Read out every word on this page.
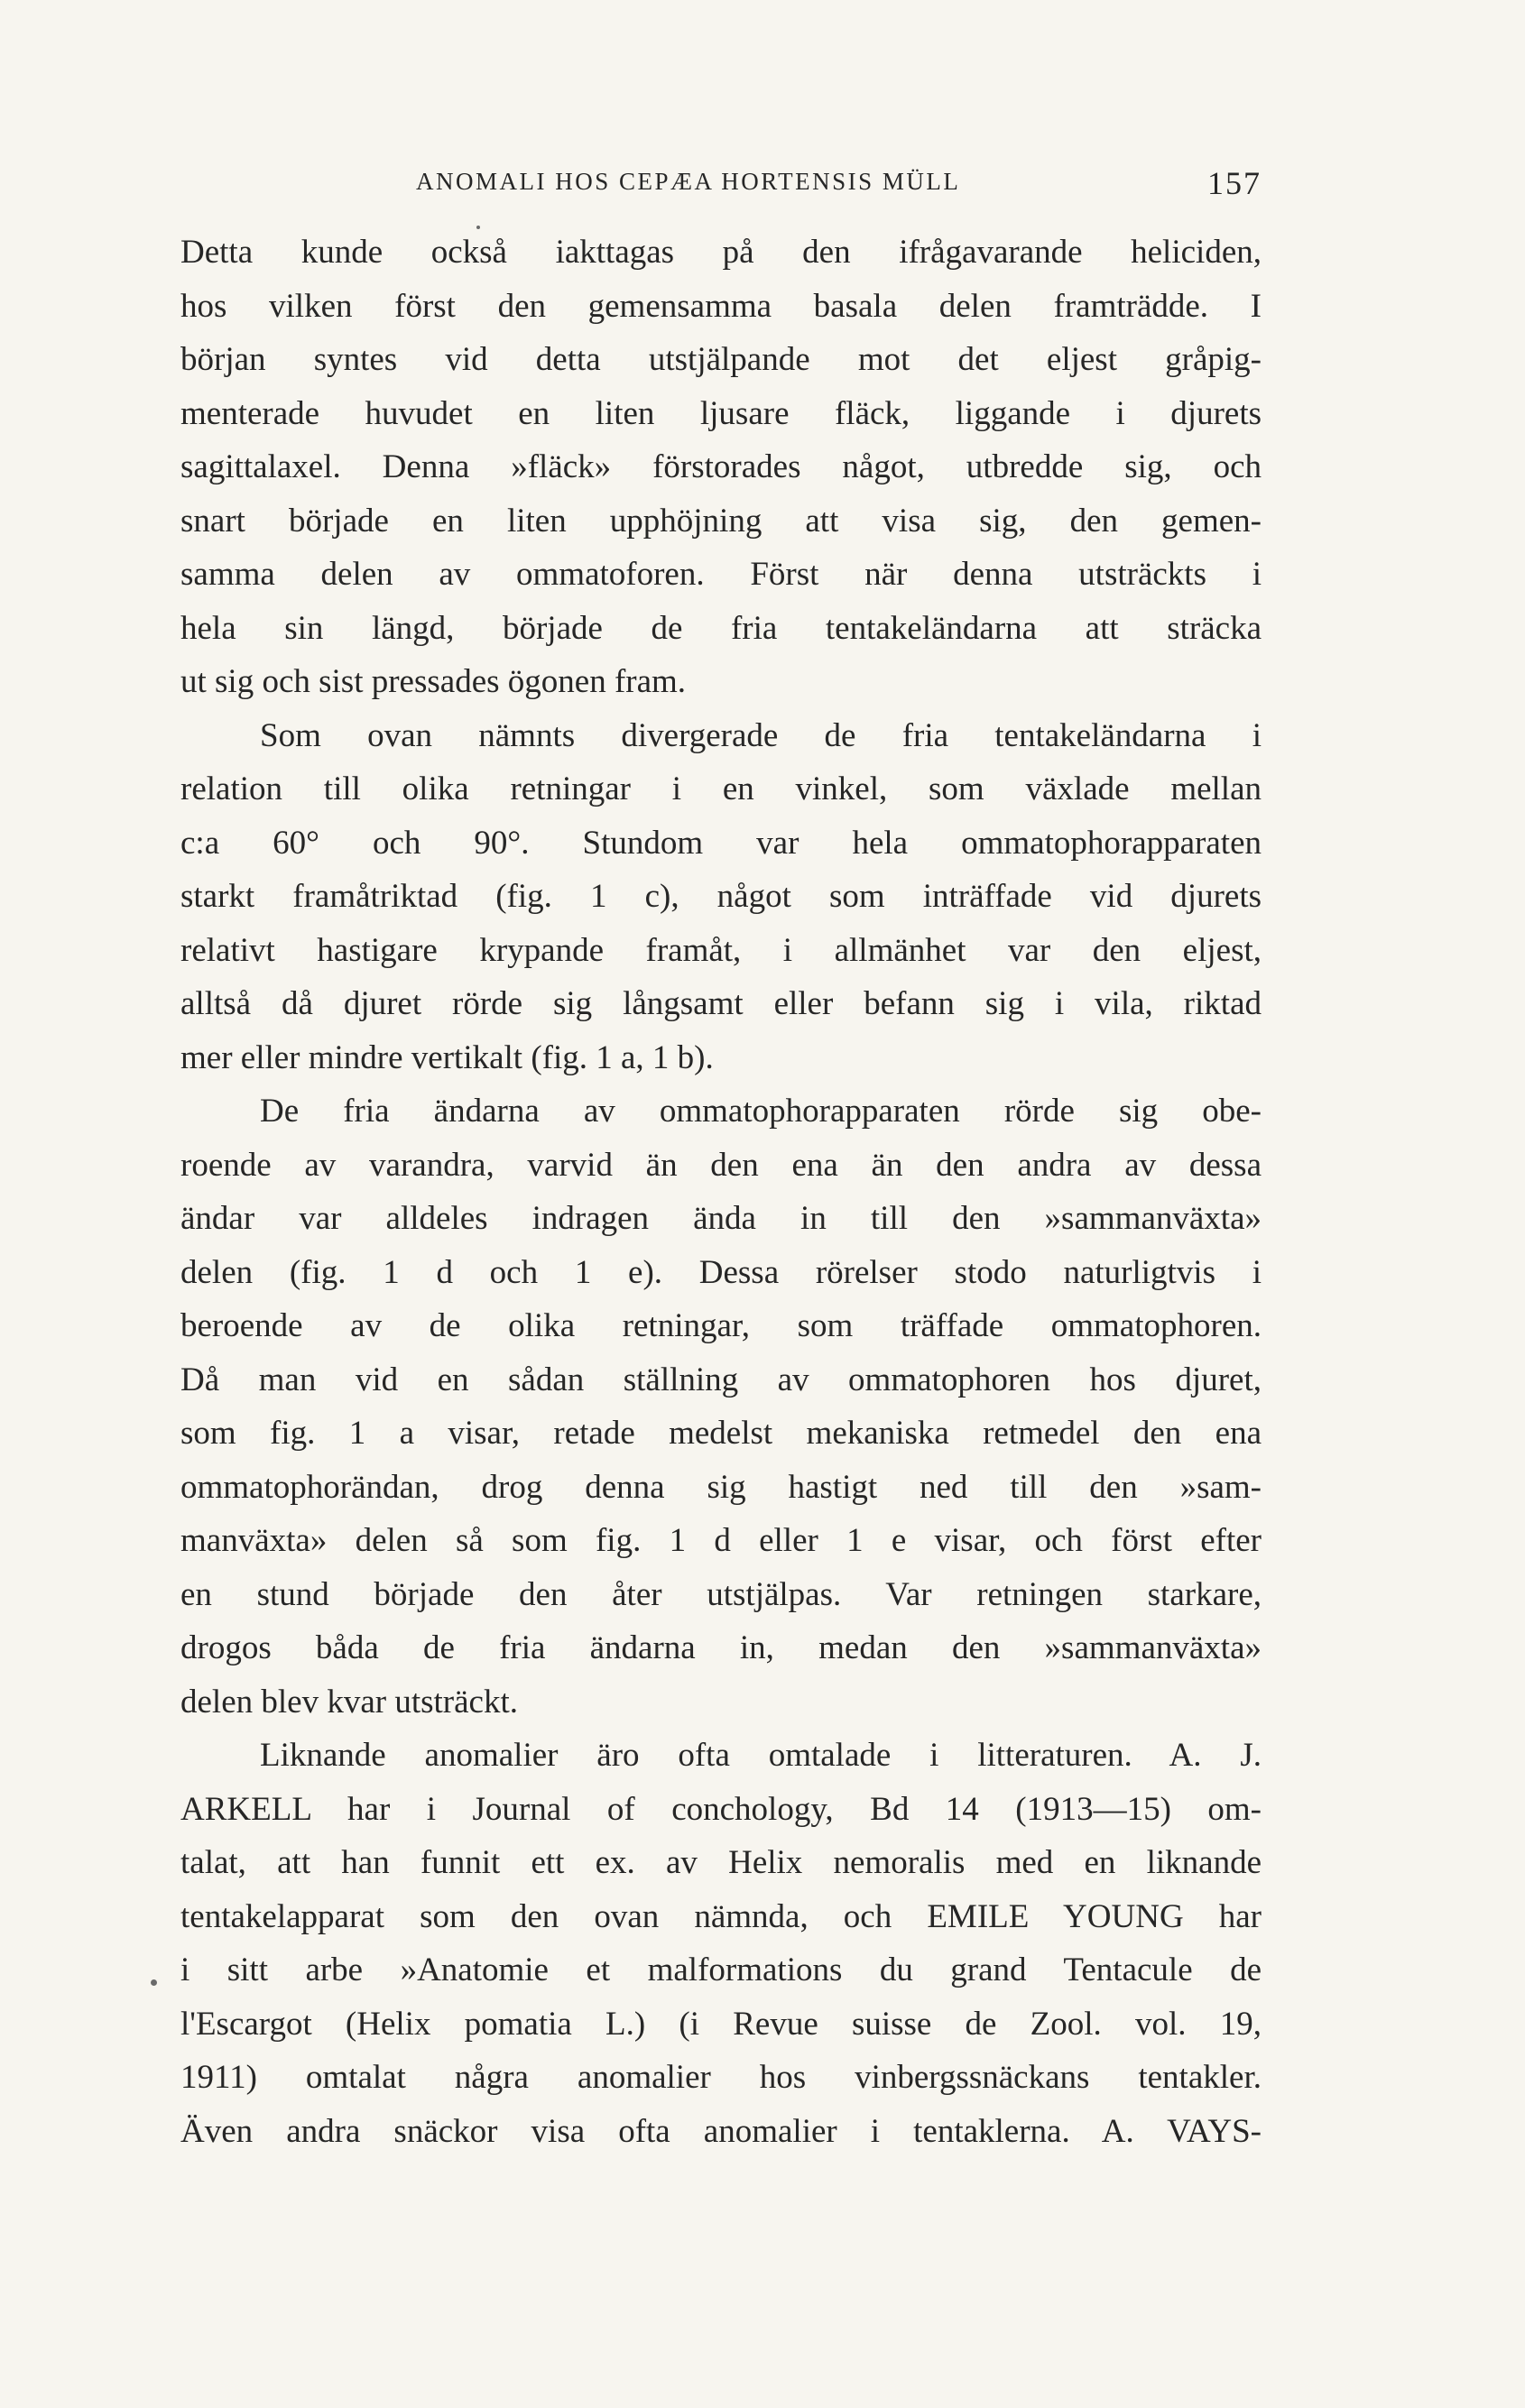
ANOMALI HOS CEPÆA HORTENSIS MÜLL	157
Detta kunde också iakttagas på den ifrågavarande heliciden,
hos vilken först den gemensamma basala delen framträdde. I
början syntes vid detta utstjälpande mot det eljest gråpig-
menterade huvudet en liten ljusare fläck, liggande i djurets
sagittalaxel. Denna »fläck» förstorades något, utbredde sig, och
snart började en liten upphöjning att visa sig, den gemen-
samma delen av ommatoforen. Först när denna utsträckts i
hela sin längd, började de fria tentakeländarna att sträcka
ut sig och sist pressades ögonen fram.
Som ovan nämnts divergerade de fria tentakeländarna i
relation till olika retningar i en vinkel, som växlade mellan
c:a 60° och 90°. Stundom var hela ommatophorapparaten
starkt framåtriktad (fig. 1 c), något som inträffade vid djurets
relativt hastigare krypande framåt, i allmänhet var den eljest,
alltså då djuret rörde sig långsamt eller befann sig i vila, riktad
mer eller mindre vertikalt (fig. 1 a, 1 b).
De fria ändarna av ommatophorapparaten rörde sig obe-
roende av varandra, varvid än den ena än den andra av dessa
ändar var alldeles indragen ända in till den »sammanväxta»
delen (fig. 1 d och 1 e). Dessa rörelser stodo naturligtvis i
beroende av de olika retningar, som träffade ommatophoren.
Då man vid en sådan ställning av ommatophoren hos djuret,
som fig. 1 a visar, retade medelst mekaniska retmedel den ena
ommatophorändan, drog denna sig hastigt ned till den »sam-
manväxta» delen så som fig. 1 d eller 1 e visar, och först efter
en stund började den åter utstjälpas. Var retningen starkare,
drogos båda de fria ändarna in, medan den »sammanväxta»
delen blev kvar utsträckt.
Liknande anomalier äro ofta omtalade i litteraturen. A. J.
ARKELL har i Journal of conchology, Bd 14 (1913—15) om-
talat, att han funnit ett ex. av Helix nemoralis med en liknande
tentakelapparat som den ovan nämnda, och EMILE YOUNG har
i sitt arbe »Anatomie et malformations du grand Tentacule de
l'Escargot (Helix pomatia L.) (i Revue suisse de Zool. vol. 19,
1911) omtalat några anomalier hos vinbergssnäckans tentakler.
Även andra snäckor visa ofta anomalier i tentaklerna. A. VAYS-
